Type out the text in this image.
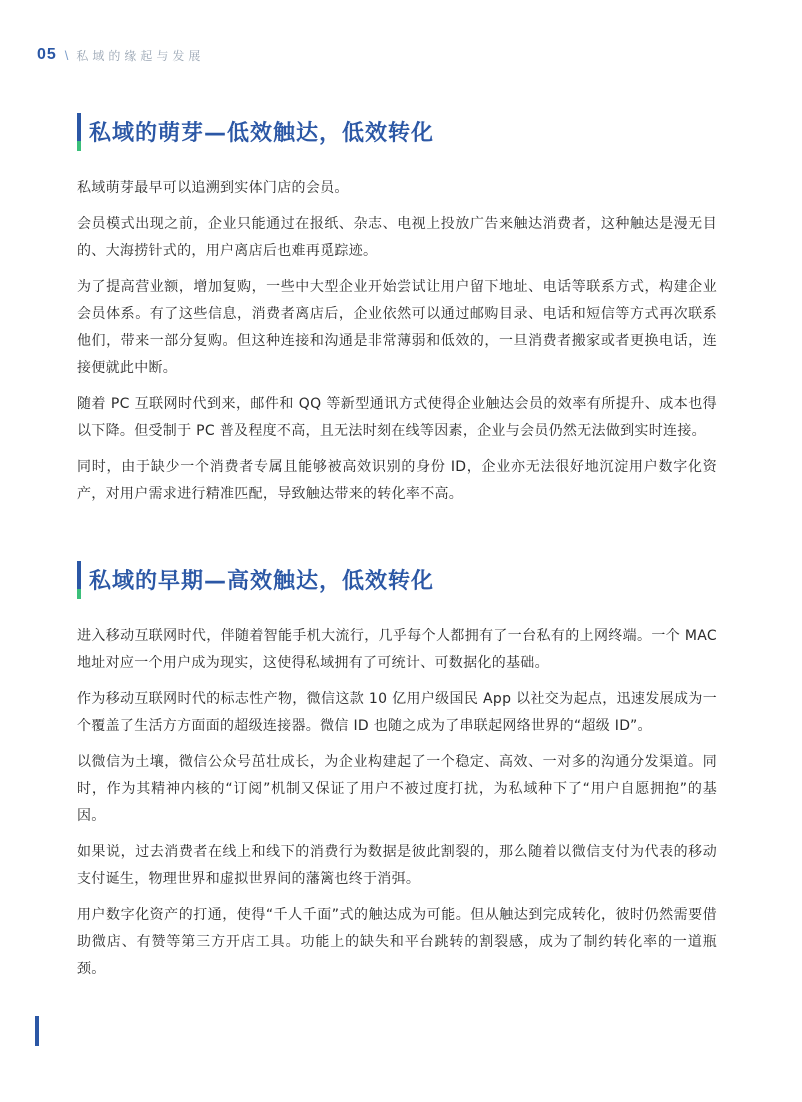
05 \ 私域的缘起与发展
私域的萌芽—低效触达，低效转化

私域萌芽最早可以追溯到实体门店的会员。

会员模式出现之前，企业只能通过在报纸、杂志、电视上投放广告来触达消费者，这种触达是漫无目的、大海捞针式的，用户离店后也难再觅踪迹。

为了提高营业额，增加复购，一些中大型企业开始尝试让用户留下地址、电话等联系方式，构建企业会员体系。有了这些信息，消费者离店后，企业依然可以通过邮购目录、电话和短信等方式再次联系他们，带来一部分复购。但这种连接和沟通是非常薄弱和低效的，一旦消费者搬家或者更换电话，连接便就此中断。

随着 PC 互联网时代到来，邮件和 QQ 等新型通讯方式使得企业触达会员的效率有所提升、成本也得以下降。但受制于 PC 普及程度不高，且无法时刻在线等因素，企业与会员仍然无法做到实时连接。

同时，由于缺少一个消费者专属且能够被高效识别的身份 ID，企业亦无法很好地沉淀用户数字化资产，对用户需求进行精准匹配，导致触达带来的转化率不高。

私域的早期—高效触达，低效转化

进入移动互联网时代，伴随着智能手机大流行，几乎每个人都拥有了一台私有的上网终端。一个 MAC 地址对应一个用户成为现实，这使得私域拥有了可统计、可数据化的基础。

作为移动互联网时代的标志性产物，微信这款 10 亿用户级国民 App 以社交为起点，迅速发展成为一个覆盖了生活方方面面的超级连接器。微信 ID 也随之成为了串联起网络世界的“超级 ID”。

以微信为土壤，微信公众号茁壮成长，为企业构建起了一个稳定、高效、一对多的沟通分发渠道。同时，作为其精神内核的“订阅”机制又保证了用户不被过度打扰，为私域种下了“用户自愿拥抱”的基因。

如果说，过去消费者在线上和线下的消费行为数据是彼此割裂的，那么随着以微信支付为代表的移动支付诞生，物理世界和虚拟世界间的藩篱也终于消弭。

用户数字化资产的打通，使得“千人千面”式的触达成为可能。但从触达到完成转化，彼时仍然需要借助微店、有赞等第三方开店工具。功能上的缺失和平台跳转的割裂感，成为了制约转化率的一道瓶颈。
